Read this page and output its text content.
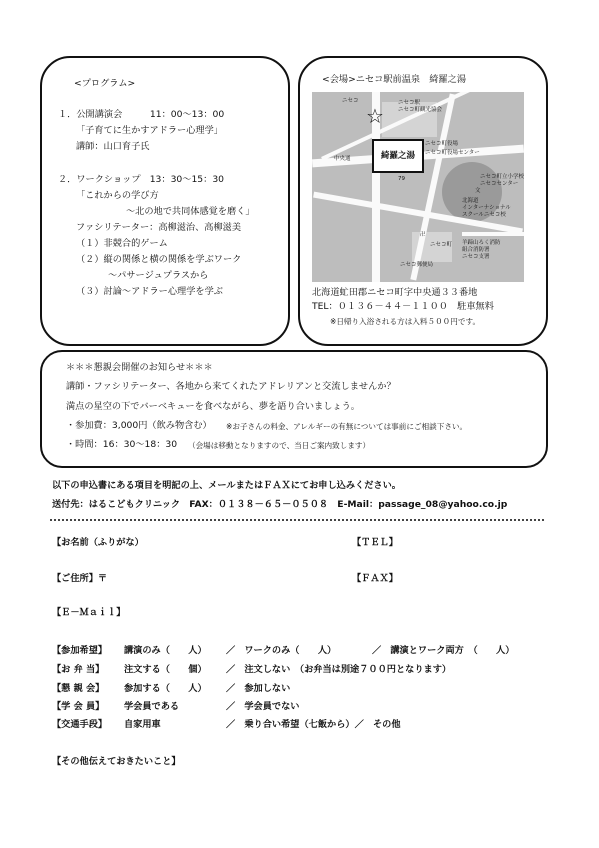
<プログラム>
１．公開講演会　　　11：00～13：00
「子育てに生かすアドラー心理学」
講師：山口育子氏
２．ワークショップ　13：30～15：30
「これからの学び方
～北の地で共同体感覚を磨く」
ファシリテーター：高柳滋治、高柳滋美
（１）非競合的ゲーム
（２）縦の関係と横の関係を学ぶワーク
～パサージュプラスから
（３）討論～アドラー心理学を学ぶ
<会場>ニセコ駅前温泉　綺羅之湯
ニセコ	ニセコ駅
ニセコ町観光協会
ニセコ町役場
ニセコ町役場センター
ニセコ町立小学校
ニセコセンター
中央通
79
文
北海道
インターナショナル
スクールニセコ校
卍
ニセコ町
ニセコ郵便局
羊蹄山ろく消防
組合消防署
ニセコ支署
☆
綺羅之湯
北海道虻田郡ニセコ町字中央通３３番地
TEL：０１３６－４４－１１００　駐車無料
※日帰り入浴される方は入料５００円です。
＊＊＊懇親会開催のお知らせ＊＊＊
講師・ファシリテーター、各地から来てくれたアドレリアンと交流しませんか？
満点の星空の下でバーベキューを食べながら、夢を語り合いましょう。
・参加費：3,000円（飲み物含む） ※お子さんの料金、アレルギーの有無については事前にご相談下さい。
・時間：16：30～18：30 （会場は移動となりますので、当日ご案内致します）
以下の申込書にある項目を明記の上、メールまたはＦＡＸにてお申し込みください。
送付先：はるこどもクリニック　FAX：０１３８－６５－０５０８　E-Mail：passage_08@yahoo.co.jp
【お名前（ふりがな）	【ＴＥＬ】
【ご住所】〒	【ＦＡＸ】
【Ｅ－Ｍａｉｌ】
【参加希望】 講演のみ（　　人） ／　ワークのみ（　　人）	／　講演とワーク両方　（　　人）
【お 弁 当】 注文する（　　個） ／　注文しない　（お弁当は別途７００円となります）
【懇 親 会】 参加する（　　人） ／　参加しない
【学 会 員】 学会員である	／　学会員でない
【交通手段】 自家用車	／　乗り合い希望（七飯から）／　その他
【その他伝えておきたいこと】
